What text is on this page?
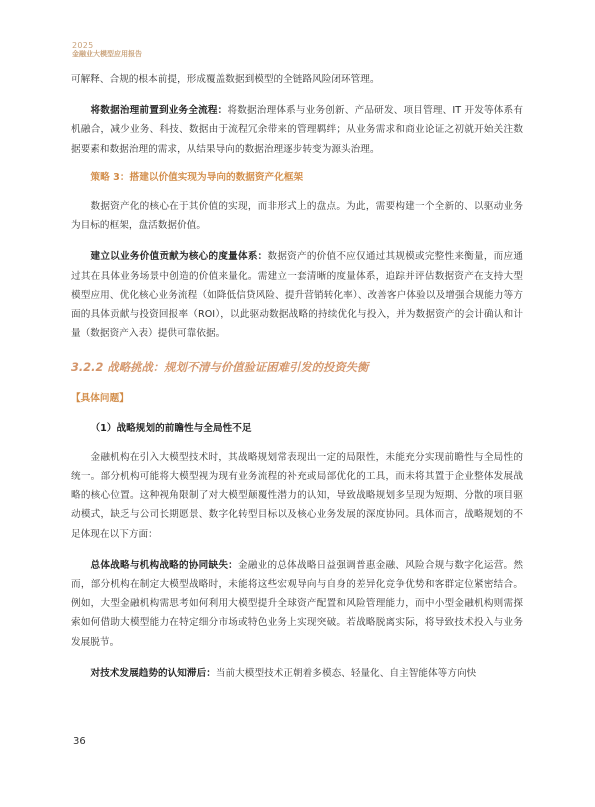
2025
金融业大模型应用报告

可解释、合规的根本前提，形成覆盖数据到模型的全链路风险闭环管理。

将数据治理前置到业务全流程：将数据治理体系与业务创新、产品研发、项目管理、IT 开发等体系有机融合，减少业务、科技、数据由于流程冗余带来的管理羁绊；从业务需求和商业论证之初就开始关注数据要素和数据治理的需求，从结果导向的数据治理逐步转变为源头治理。

策略 3：搭建以价值实现为导向的数据资产化框架

数据资产化的核心在于其价值的实现，而非形式上的盘点。为此，需要构建一个全新的、以驱动业务为目标的框架，盘活数据价值。

建立以业务价值贡献为核心的度量体系：数据资产的价值不应仅通过其规模或完整性来衡量，而应通过其在具体业务场景中创造的价值来量化。需建立一套清晰的度量体系，追踪并评估数据资产在支持大型模型应用、优化核心业务流程（如降低信贷风险、提升营销转化率）、改善客户体验以及增强合规能力等方面的具体贡献与投资回报率（ROI），以此驱动数据战略的持续优化与投入，并为数据资产的会计确认和计量（数据资产入表）提供可靠依据。

3.2.2 战略挑战：规划不清与价值验证困难引发的投资失衡
【具体问题】

（1）战略规划的前瞻性与全局性不足

金融机构在引入大模型技术时，其战略规划常表现出一定的局限性，未能充分实现前瞻性与全局性的统一。部分机构可能将大模型视为现有业务流程的补充或局部优化的工具，而未将其置于企业整体发展战略的核心位置。这种视角限制了对大模型颠覆性潜力的认知，导致战略规划多呈现为短期、分散的项目驱动模式，缺乏与公司长期愿景、数字化转型目标以及核心业务发展的深度协同。具体而言，战略规划的不足体现在以下方面：

总体战略与机构战略的协同缺失：金融业的总体战略日益强调普惠金融、风险合规与数字化运营。然而，部分机构在制定大模型战略时，未能将这些宏观导向与自身的差异化竞争优势和客群定位紧密结合。例如，大型金融机构需思考如何利用大模型提升全球资产配置和风险管理能力，而中小型金融机构则需探索如何借助大模型能力在特定细分市场或特色业务上实现突破。若战略脱离实际，将导致技术投入与业务发展脱节。

对技术发展趋势的认知滞后：当前大模型技术正朝着多模态、轻量化、自主智能体等方向快

36
